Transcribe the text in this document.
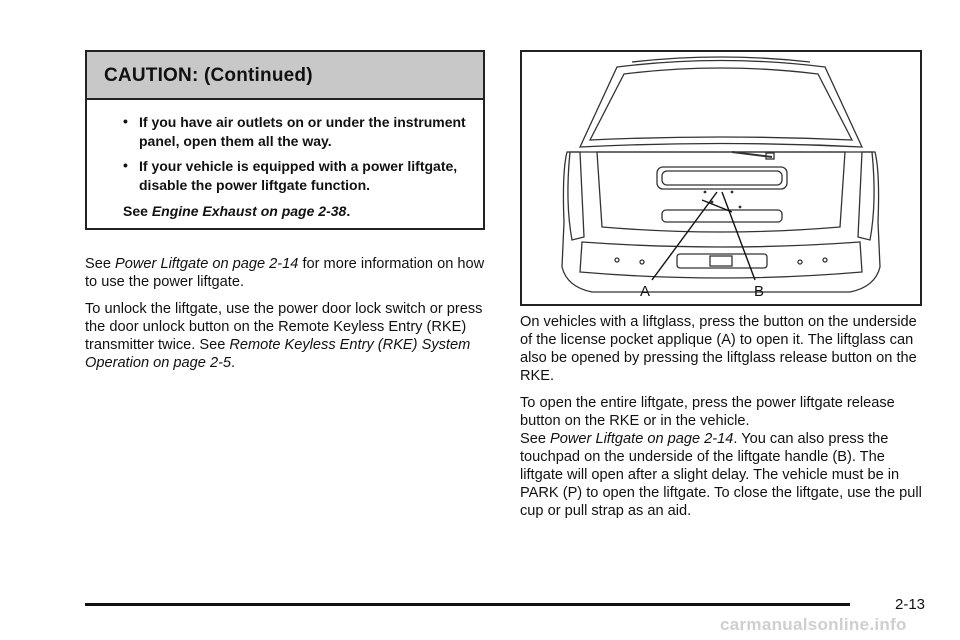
CAUTION: (Continued)
• If you have air outlets on or under the instrument panel, open them all the way.
• If your vehicle is equipped with a power liftgate, disable the power liftgate function.
See Engine Exhaust on page 2-38.

See Power Liftgate on page 2-14 for more information on how to use the power liftgate.

To unlock the liftgate, use the power door lock switch or press the door unlock button on the Remote Keyless Entry (RKE) transmitter twice. See Remote Keyless Entry (RKE) System Operation on page 2-5.

A	B

On vehicles with a liftglass, press the button on the underside of the license pocket applique (A) to open it. The liftglass can also be opened by pressing the liftglass release button on the RKE.

To open the entire liftgate, press the power liftgate release button on the RKE or in the vehicle.
See Power Liftgate on page 2-14. You can also press the touchpad on the underside of the liftgate handle (B). The liftgate will open after a slight delay. The vehicle must be in PARK (P) to open the liftgate. To close the liftgate, use the pull cup or pull strap as an aid.

2-13
carmanualsonline.info
